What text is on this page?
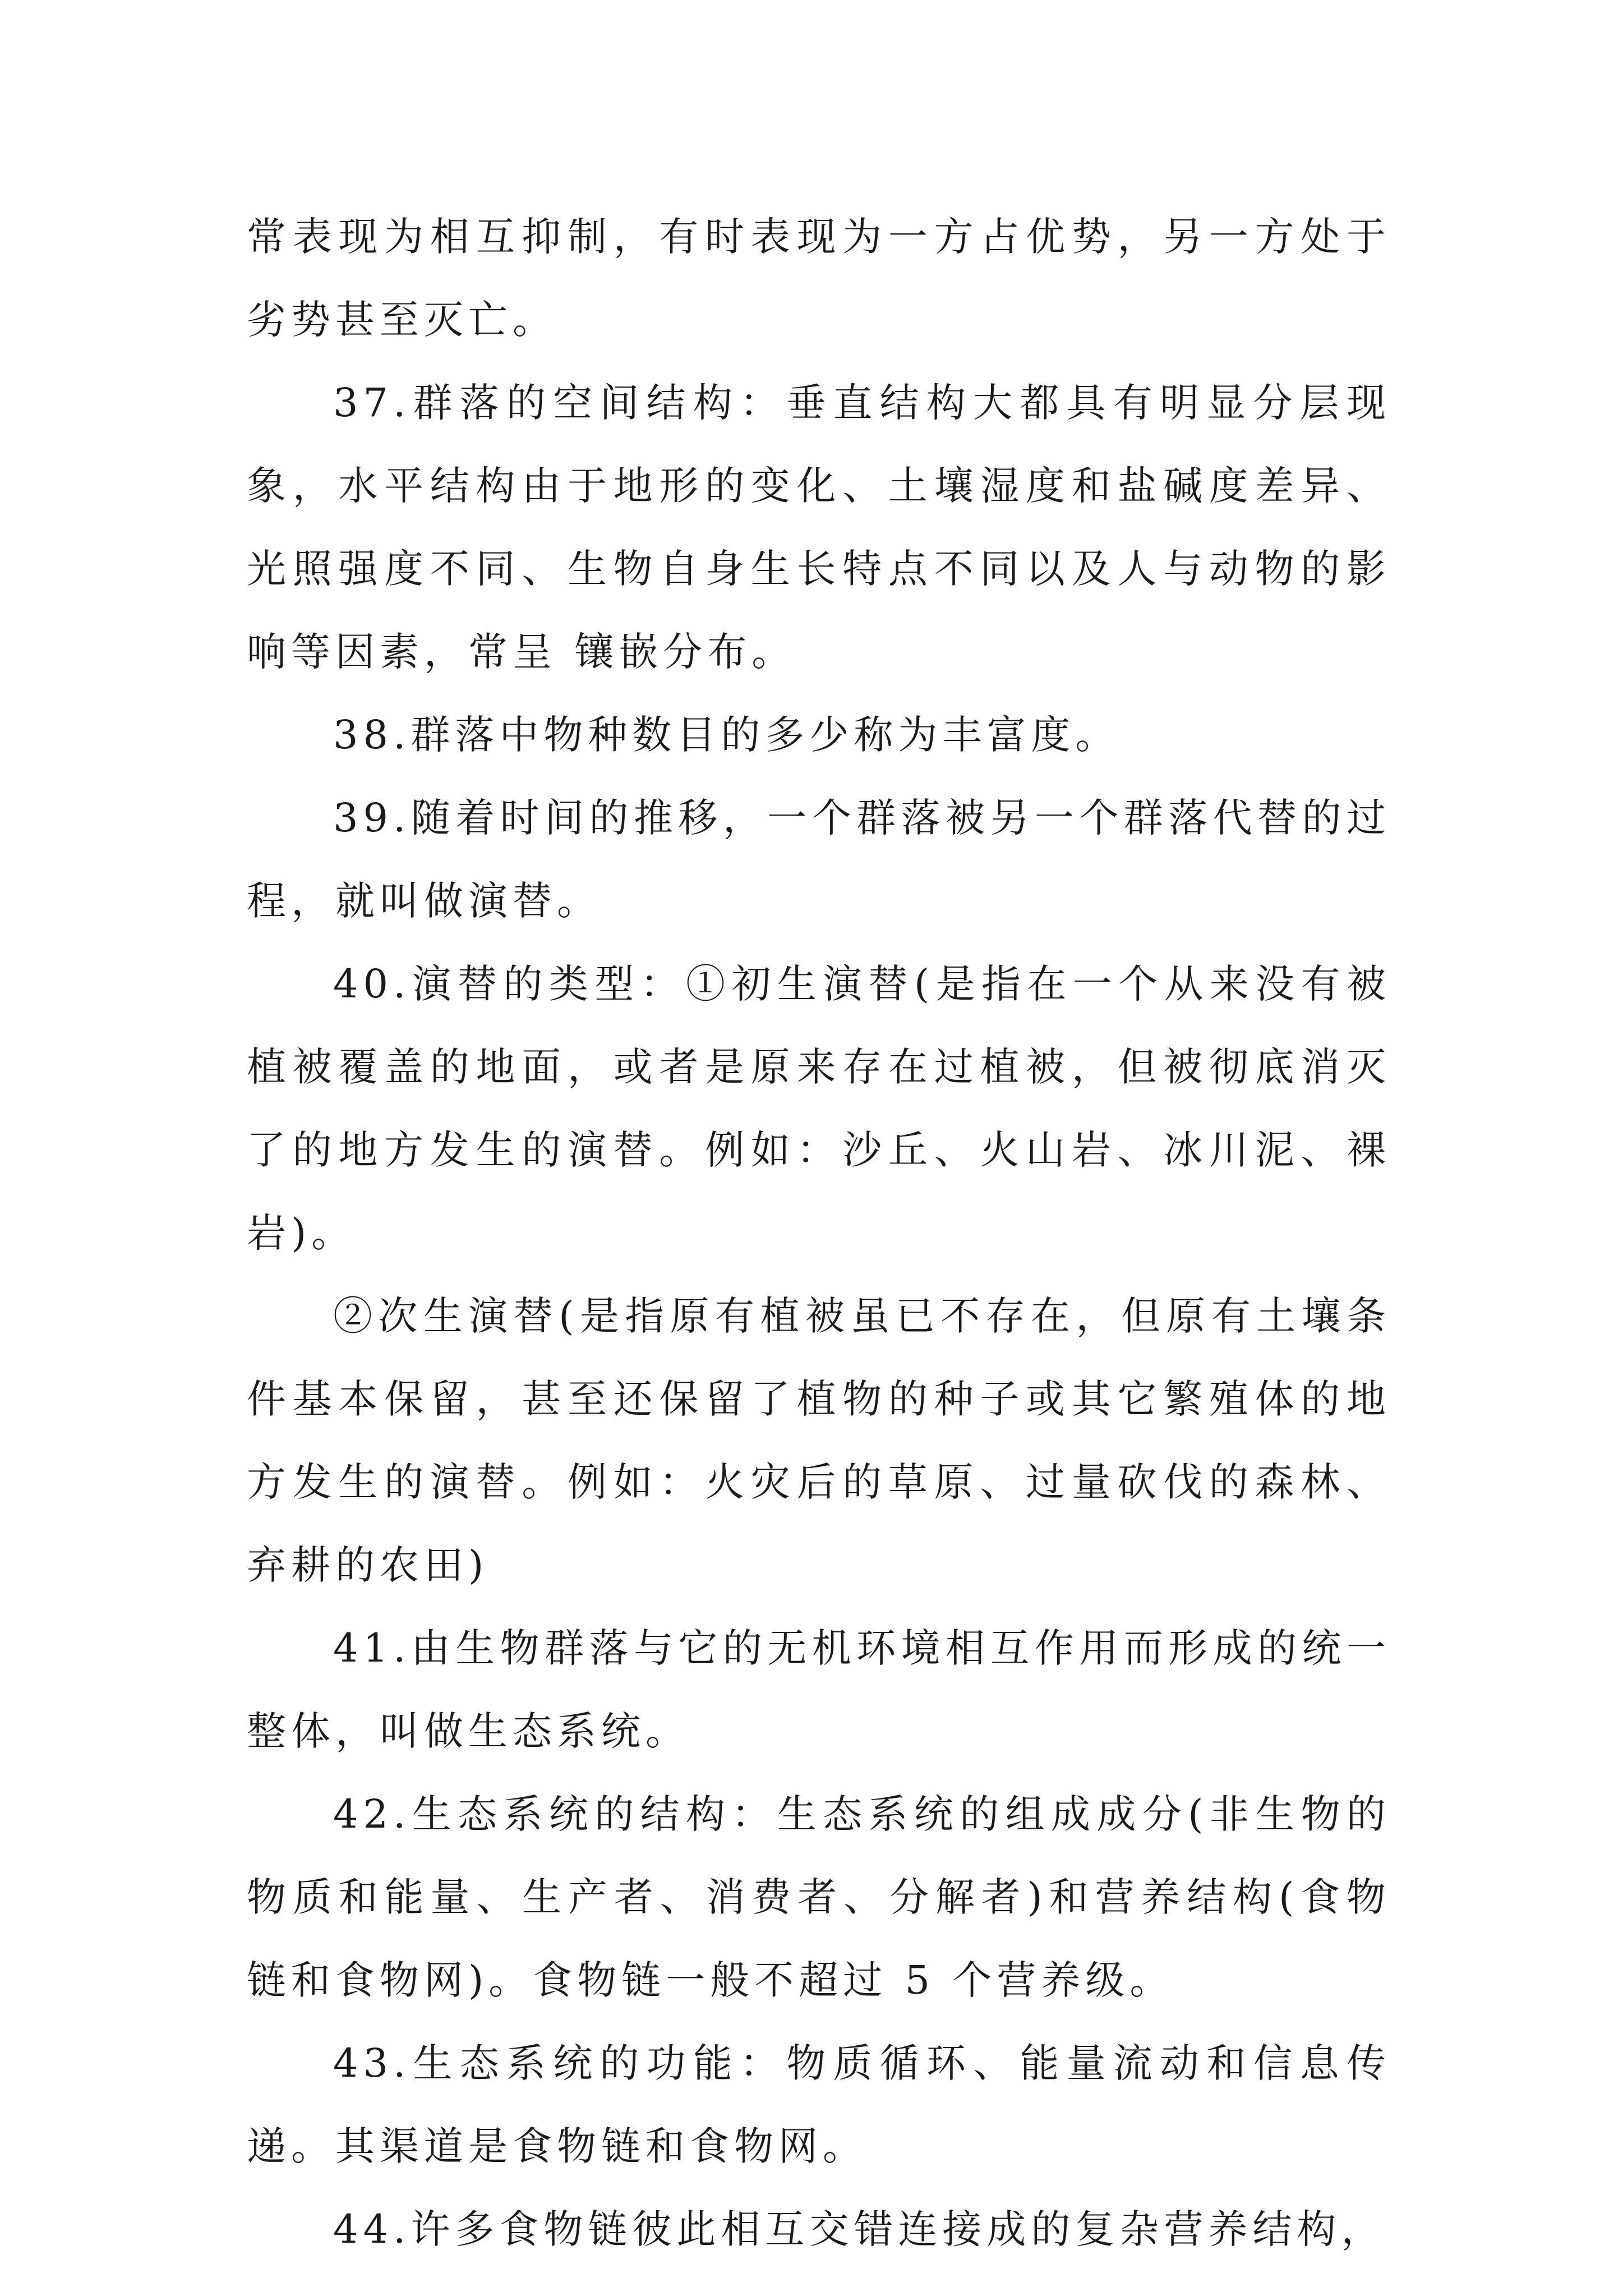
常表现为相互抑制，有时表现为一方占优势，另一方处于劣势甚至灭亡。

37.群落的空间结构：垂直结构大都具有明显分层现象，水平结构由于地形的变化、土壤湿度和盐碱度差异、光照强度不同、生物自身生长特点不同以及人与动物的影响等因素，常呈 镶嵌分布。

38.群落中物种数目的多少称为丰富度。

39.随着时间的推移，一个群落被另一个群落代替的过程，就叫做演替。

40.演替的类型：①初生演替(是指在一个从来没有被植被覆盖的地面，或者是原来存在过植被，但被彻底消灭了的地方发生的演替。例如：沙丘、火山岩、冰川泥、裸岩)。

②次生演替(是指原有植被虽已不存在，但原有土壤条件基本保留，甚至还保留了植物的种子或其它繁殖体的地方发生的演替。例如：火灾后的草原、过量砍伐的森林、弃耕的农田)

41.由生物群落与它的无机环境相互作用而形成的统一整体，叫做生态系统。

42.生态系统的结构：生态系统的组成成分(非生物的物质和能量、生产者、消费者、分解者)和营养结构(食物链和食物网)。食物链一般不超过 5 个营养级。

43.生态系统的功能：物质循环、能量流动和信息传递。其渠道是食物链和食物网。

44.许多食物链彼此相互交错连接成的复杂营养结构，
